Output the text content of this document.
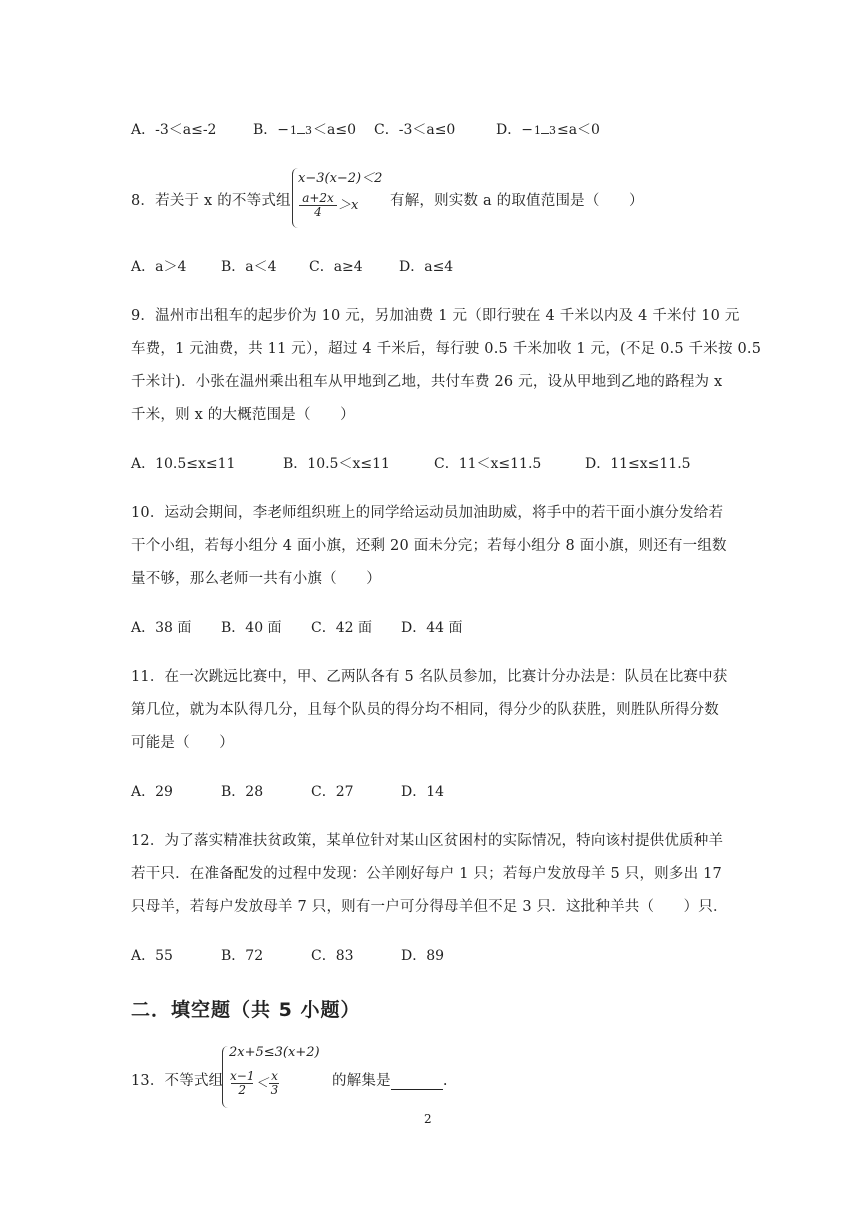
A．-3＜a≤-2	B．−1 3＜a≤0 C．-3＜a≤0	D．−1 3≤a＜0
8．若关于 x 的不等式组
x−3(x−2)＜2
$\frac{a+2x}{4} >x$ 有解，则实数 a 的取值范围是（　　）
A．a＞4 B．a＜4 C．a≥4	D．a≤4
9．温州市出租车的起步价为 10 元，另加油费 1 元（即行驶在 4 千米以内及 4 千米付 10 元
车费，1 元油费，共 11 元），超过 4 千米后，每行驶 0.5 千米加收 1 元，(不足 0.5 千米按 0.5
千米计)．小张在温州乘出租车从甲地到乙地，共付车费 26 元，设从甲地到乙地的路程为 x
千米，则 x 的大概范围是（　　）
A．10.5≤x≤11	B．10.5＜x≤11	C．11＜x≤11.5	D．11≤x≤11.5
10．运动会期间，李老师组织班上的同学给运动员加油助威，将手中的若干面小旗分发给若
干个小组，若每小组分 4 面小旗，还剩 20 面未分完；若每小组分 8 面小旗，则还有一组数
量不够，那么老师一共有小旗（　　）
A．38 面 B．40 面 C．42 面 D．44 面
11．在一次跳远比赛中，甲、乙两队各有 5 名队员参加，比赛计分办法是：队员在比赛中获
第几位，就为本队得几分，且每个队员的得分均不相同，得分少的队获胜，则胜队所得分数
可能是（　　）
A．29	B．28	C．27	D．14
12．为了落实精准扶贫政策，某单位针对某山区贫困村的实际情况，特向该村提供优质种羊
若干只．在准备配发的过程中发现：公羊刚好每户 1 只；若每户发放母羊 5 只，则多出 17
只母羊，若每户发放母羊 7 只，则有一户可分得母羊但不足 3 只．这批种羊共（　　）只．
A．55	B．72	C．83	D．89
二．填空题（共 5 小题）
13．不等式组
2x+5≤3(x+2)
$\frac{x-1}{2} < \frac{x}{3}$	的解集是	.
2
